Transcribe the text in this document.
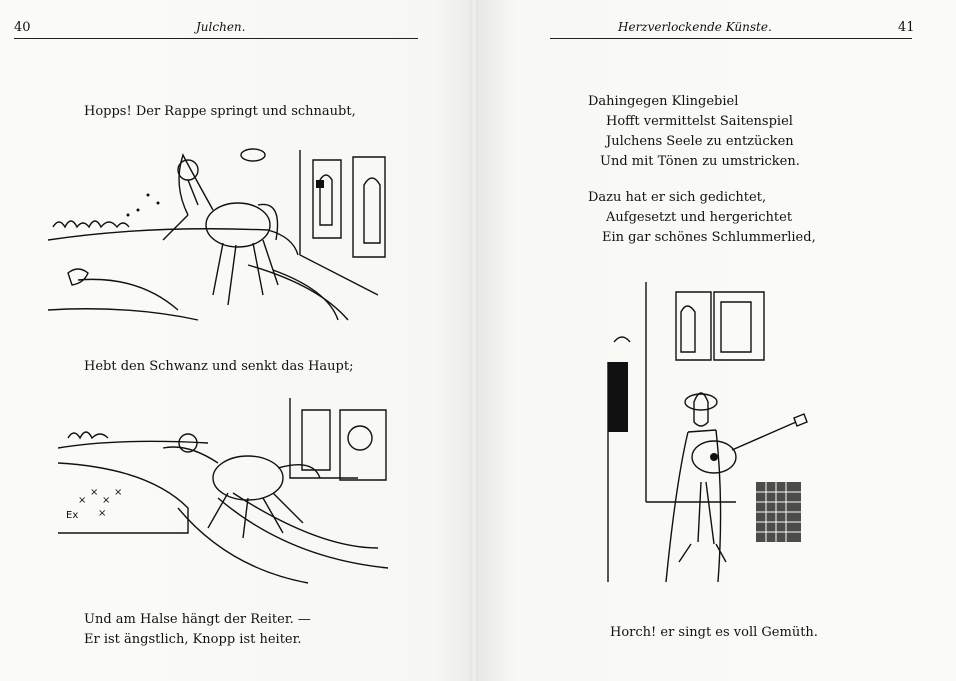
40	Julchen.
Hopps! Der Rappe springt und schnaubt,
Hebt den Schwanz und senkt das Haupt;
×
×
×
×
×
Ex
Und am Halse hängt der Reiter. —
Er ist ängstlich, Knopp ist heiter.
Herzverlockende Künste.	41
Dahingegen Klingebiel
Hofft vermittelst Saitenspiel
Julchens Seele zu entzücken
Und mit Tönen zu umstricken.
Dazu hat er sich gedichtet,
Aufgesetzt und hergerichtet
Ein gar schönes Schlummerlied,
Horch! er singt es voll Gemüth.
